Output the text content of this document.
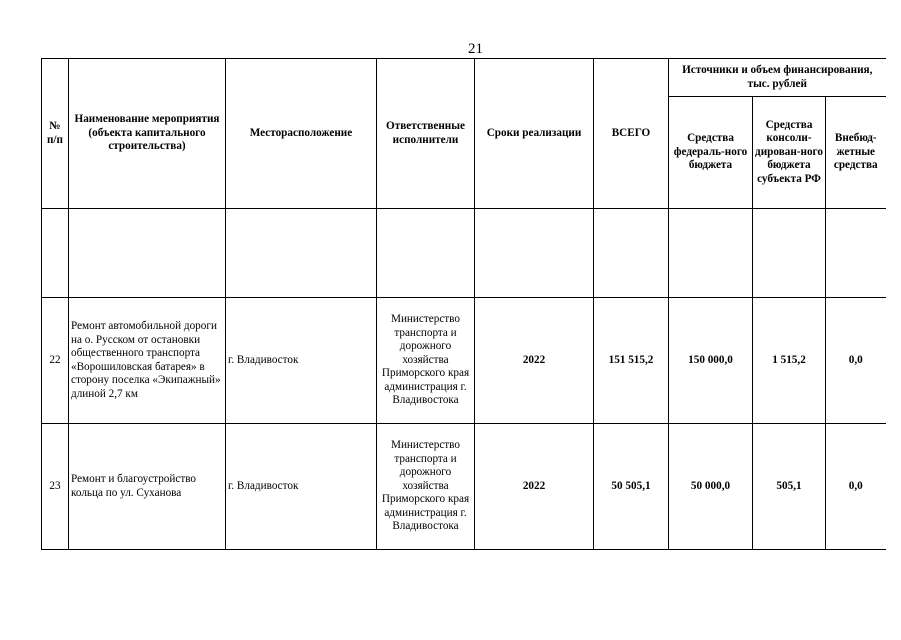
21
№ п/п	Наименование мероприятия (объекта капитального строительства)	Месторасположение	Ответственные исполнители	Сроки реализации	ВСЕГО	Источники и объем финансирования, тыс. рублей		
						Средства федераль-ного бюджета	Средства консоли-дирован-ного бюджета субъекта РФ	Внебюд-жетные средства

22	Ремонт автомобильной дороги на о. Русском от остановки общественного транспорта «Ворошиловская батарея» в сторону поселка «Экипажный» длиной 2,7 км	г. Владивосток	Министерство транспорта и дорожного хозяйства Приморского края администрация г. Владивостока	2022	151 515,2	150 000,0	1 515,2	0,0
23	Ремонт и благоустройство кольца по ул. Суханова	г. Владивосток	Министерство транспорта и дорожного хозяйства Приморского края администрация г. Владивостока	2022	50 505,1	50 000,0	505,1	0,0
